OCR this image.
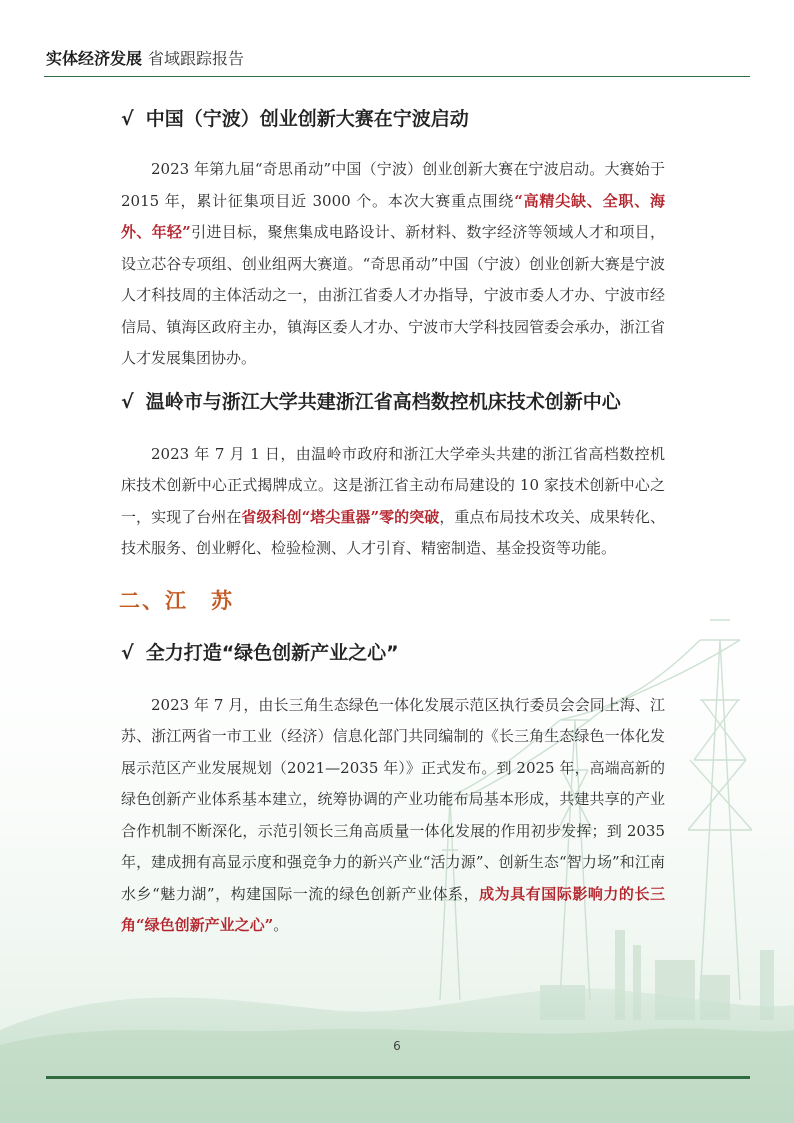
实体经济发展 省域跟踪报告
√ 中国（宁波）创业创新大赛在宁波启动

2023 年第九届“奇思甬动”中国（宁波）创业创新大赛在宁波启动。大赛始于 2015 年，累计征集项目近 3000 个。本次大赛重点围绕“高精尖缺、全职、海外、年轻”引进目标，聚焦集成电路设计、新材料、数字经济等领域人才和项目，设立芯谷专项组、创业组两大赛道。“奇思甬动”中国（宁波）创业创新大赛是宁波人才科技周的主体活动之一，由浙江省委人才办指导，宁波市委人才办、宁波市经信局、镇海区政府主办，镇海区委人才办、宁波市大学科技园管委会承办，浙江省人才发展集团协办。

√ 温岭市与浙江大学共建浙江省高档数控机床技术创新中心

2023 年 7 月 1 日，由温岭市政府和浙江大学牵头共建的浙江省高档数控机床技术创新中心正式揭牌成立。这是浙江省主动布局建设的 10 家技术创新中心之一，实现了台州在省级科创“塔尖重器”零的突破，重点布局技术攻关、成果转化、技术服务、创业孵化、检验检测、人才引育、精密制造、基金投资等功能。

二、江　苏
√ 全力打造“绿色创新产业之心”

2023 年 7 月，由长三角生态绿色一体化发展示范区执行委员会会同上海、江苏、浙江两省一市工业（经济）信息化部门共同编制的《长三角生态绿色一体化发展示范区产业发展规划（2021—2035 年）》正式发布。到 2025 年，高端高新的绿色创新产业体系基本建立，统筹协调的产业功能布局基本形成，共建共享的产业合作机制不断深化，示范引领长三角高质量一体化发展的作用初步发挥；到 2035 年，建成拥有高显示度和强竞争力的新兴产业“活力源”、创新生态“智力场”和江南水乡“魅力湖”，构建国际一流的绿色创新产业体系，成为具有国际影响力的长三角“绿色创新产业之心”。

6
